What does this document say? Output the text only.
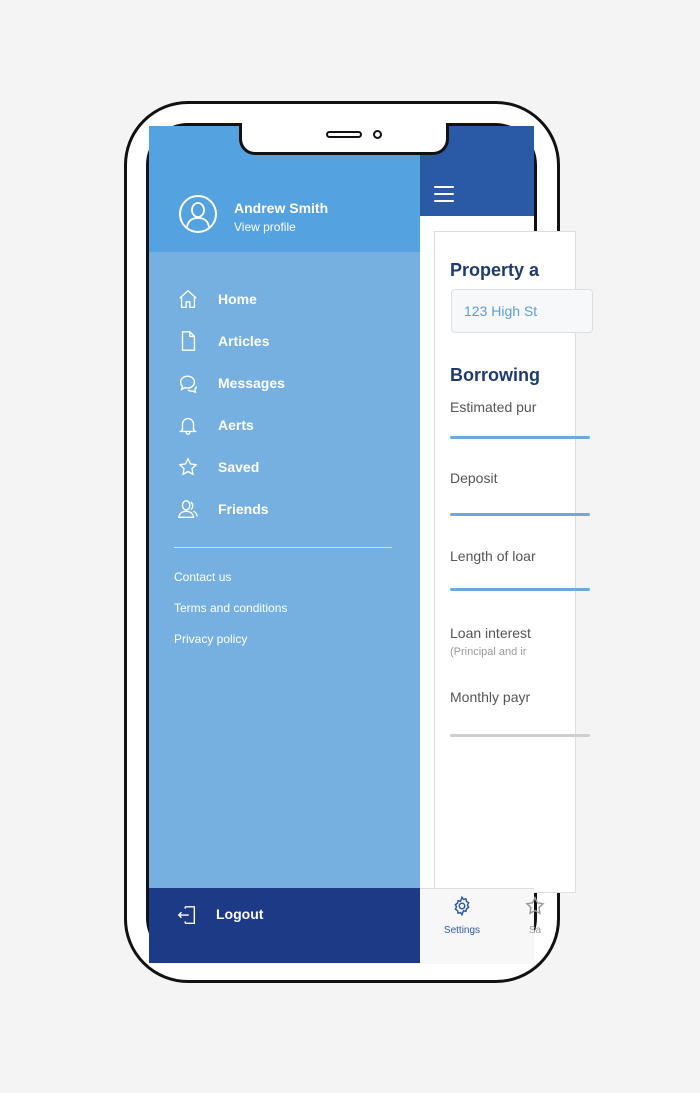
Property a
123 High St
Borrowing
Estimated pur
Deposit
Length of loar
Loan interest
(Principal and ir
Monthly payr
Settings	Sa
Andrew Smith
View profile
Home
Articles
Messages
Aerts
Saved
Friends
Contact us
Terms and conditions
Privacy policy
Logout
